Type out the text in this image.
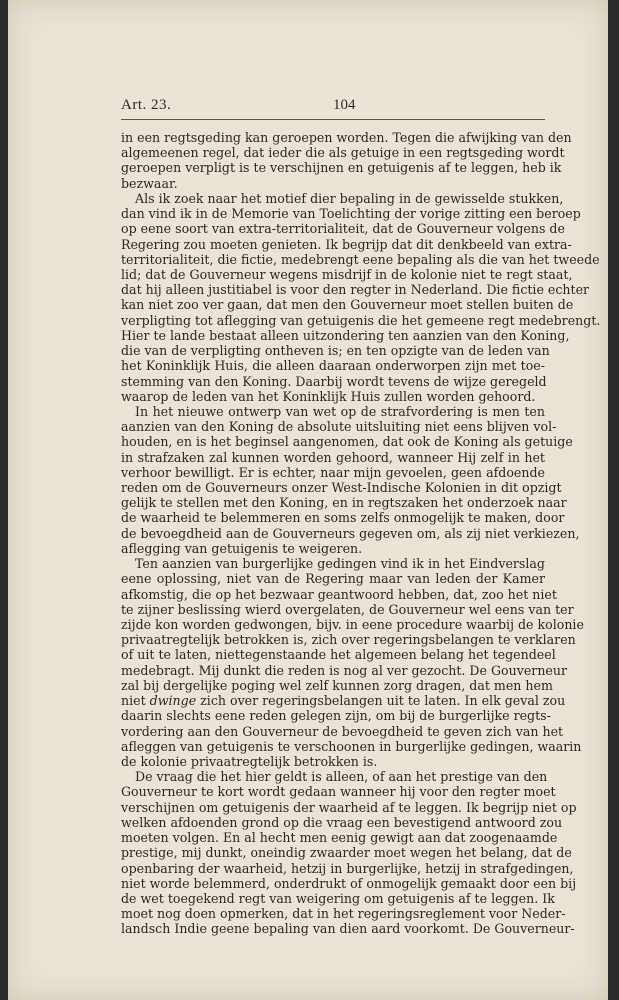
Art. 23.	104
in een regtsgeding kan geroepen worden. Tegen die afwijking van den
algemeenen regel, dat ieder die als getuige in een regtsgeding wordt
geroepen verpligt is te verschijnen en getuigenis af te leggen, heb ik
bezwaar.
Als ik zoek naar het motief dier bepaling in de gewisselde stukken,
dan vind ik in de Memorie van Toelichting der vorige zitting een beroep
op eene soort van extra-territorialiteit, dat de Gouverneur volgens de
Regering zou moeten genieten. Ik begrijp dat dit denkbeeld van extra-
territorialiteit, die fictie, medebrengt eene bepaling als die van het tweede
lid; dat de Gouverneur wegens misdrijf in de kolonie niet te regt staat,
dat hij alleen justitiabel is voor den regter in Nederland. Die fictie echter
kan niet zoo ver gaan, dat men den Gouverneur moet stellen buiten de
verpligting tot aflegging van getuigenis die het gemeene regt medebrengt.
Hier te lande bestaat alleen uitzondering ten aanzien van den Koning,
die van de verpligting ontheven is; en ten opzigte van de leden van
het Koninklijk Huis, die alleen daaraan onderworpen zijn met toe-
stemming van den Koning. Daarbij wordt tevens de wijze geregeld
waarop de leden van het Koninklijk Huis zullen worden gehoord.
In het nieuwe ontwerp van wet op de strafvordering is men ten
aanzien van den Koning de absolute uitsluiting niet eens blijven vol-
houden, en is het beginsel aangenomen, dat ook de Koning als getuige
in strafzaken zal kunnen worden gehoord, wanneer Hij zelf in het
verhoor bewilligt. Er is echter, naar mijn gevoelen, geen afdoende
reden om de Gouverneurs onzer West-Indische Kolonien in dit opzigt
gelijk te stellen met den Koning, en in regtszaken het onderzoek naar
de waarheid te belemmeren en soms zelfs onmogelijk te maken, door
de bevoegdheid aan de Gouverneurs gegeven om, als zij niet verkiezen,
aflegging van getuigenis te weigeren.
Ten aanzien van burgerlijke gedingen vind ik in het Eindverslag
eene oplossing, niet van de Regering maar van leden der Kamer
afkomstig, die op het bezwaar geantwoord hebben, dat, zoo het niet
te zijner beslissing wierd overgelaten, de Gouverneur wel eens van ter
zijde kon worden gedwongen, bijv. in eene procedure waarbij de kolonie
privaatregtelijk betrokken is, zich over regeringsbelangen te verklaren
of uit te laten, niettegenstaande het algemeen belang het tegendeel
medebragt. Mij dunkt die reden is nog al ver gezocht. De Gouverneur
zal bij dergelijke poging wel zelf kunnen zorg dragen, dat men hem
niet dwinge zich over regeringsbelangen uit te laten. In elk geval zou
daarin slechts eene reden gelegen zijn, om bij de burgerlijke regts-
vordering aan den Gouverneur de bevoegdheid te geven zich van het
afleggen van getuigenis te verschoonen in burgerlijke gedingen, waarin
de kolonie privaatregtelijk betrokken is.
De vraag die het hier geldt is alleen, of aan het prestige van den
Gouverneur te kort wordt gedaan wanneer hij voor den regter moet
verschijnen om getuigenis der waarheid af te leggen. Ik begrijp niet op
welken afdoenden grond op die vraag een bevestigend antwoord zou
moeten volgen. En al hecht men eenig gewigt aan dat zoogenaamde
prestige, mij dunkt, oneindig zwaarder moet wegen het belang, dat de
openbaring der waarheid, hetzij in burgerlijke, hetzij in strafgedingen,
niet worde belemmerd, onderdrukt of onmogelijk gemaakt door een bij
de wet toegekend regt van weigering om getuigenis af te leggen. Ik
moet nog doen opmerken, dat in het regeringsreglement voor Neder-
landsch Indie geene bepaling van dien aard voorkomt. De Gouverneur-
